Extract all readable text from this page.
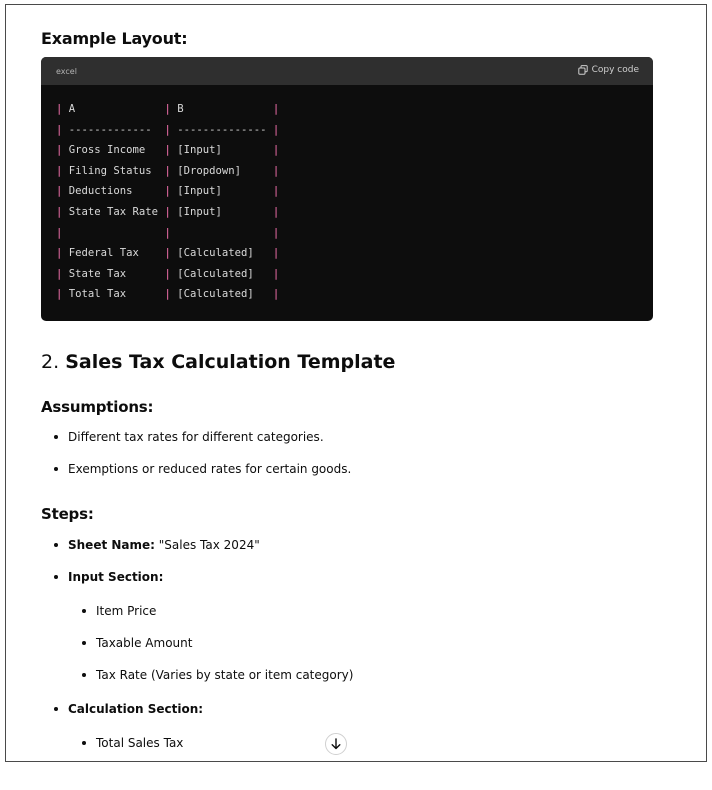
Example Layout:
excel	Copy code
| A              | B              |
| -------------  | -------------- |
| Gross Income   | [Input]        |
| Filing Status  | [Dropdown]     |
| Deductions     | [Input]        |
| State Tax Rate | [Input]        |
|	|	|
| Federal Tax    | [Calculated]   |
| State Tax      | [Calculated]   |
| Total Tax      | [Calculated]   |
2. Sales Tax Calculation Template
Assumptions:
Different tax rates for different categories.
Exemptions or reduced rates for certain goods.
Steps:
Sheet Name: "Sales Tax 2024"
Input Section:
Item Price
Taxable Amount
Tax Rate (Varies by state or item category)
Calculation Section:
Total Sales Tax
